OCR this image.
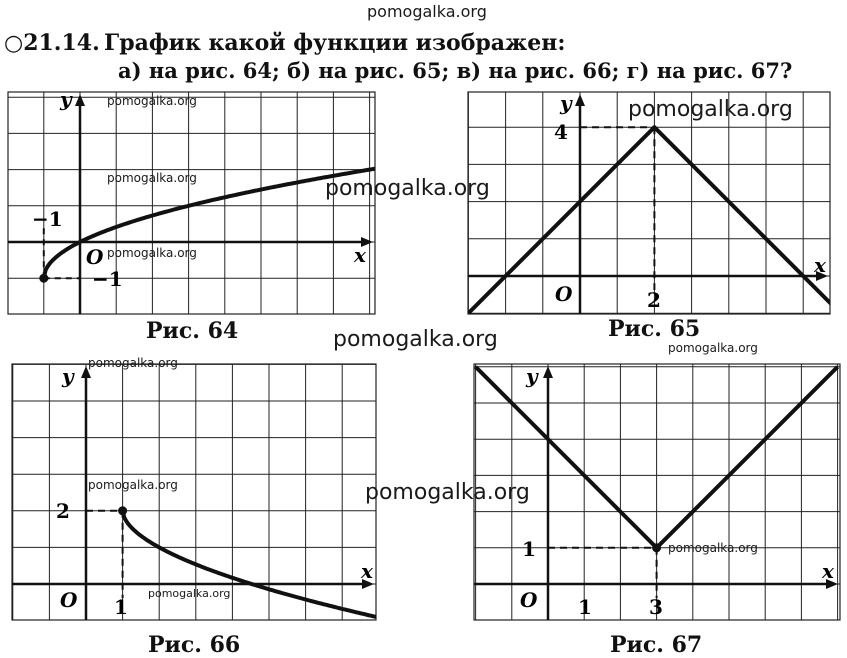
pomogalka.org
○21.14. График какой функции изображен:
а) на рис. 64; б) на рис. 65; в) на рис. 66; г) на рис. 67?
y
x
O
−1
−1
y
x
O	2
4
y
x
O 1
2
y
x
O 1	3
1
Рис. 64	Рис. 65
Рис. 66	Рис. 67
pomogalka.org
pomogalka.org
pomogalka.org
pomogalka.org
pomogalka.org
pomogalka.org	pomogalka.org
pomogalka.org
pomogalka.org	pomogalka.org
pomogalka.org
pomogalka.org
